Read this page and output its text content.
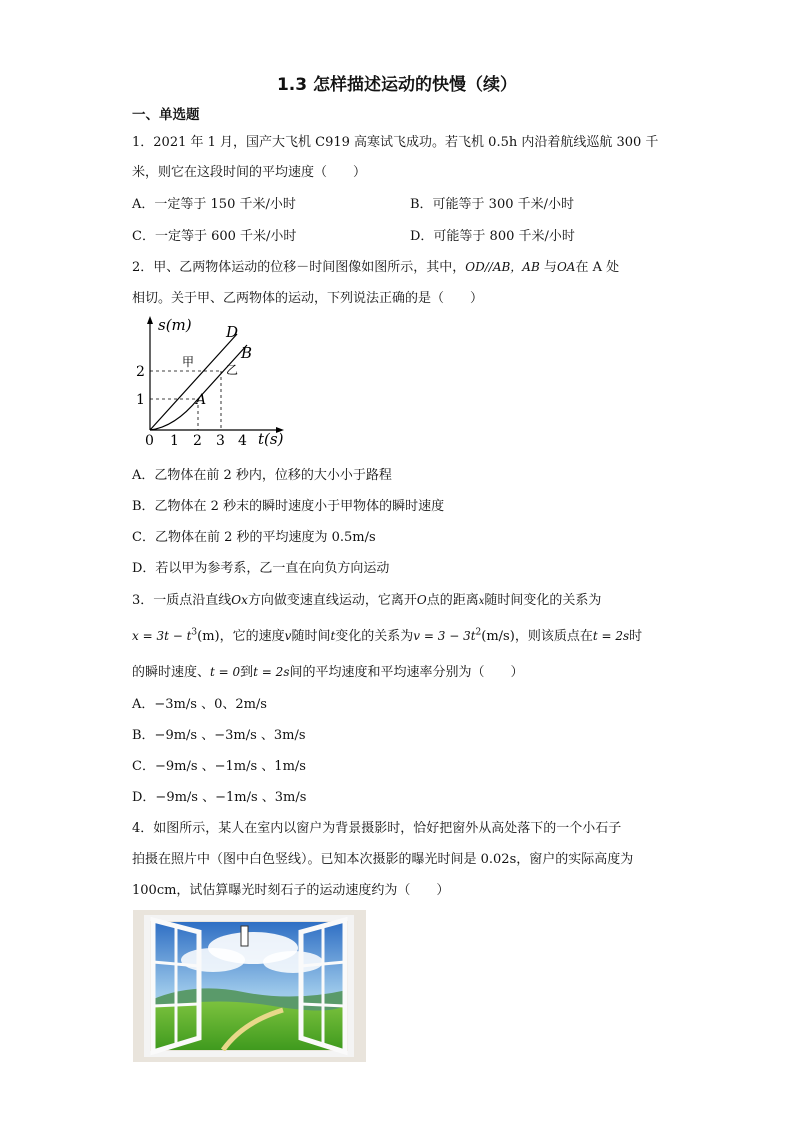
1.3 怎样描述运动的快慢（续）
一、单选题
1．2021 年 1 月，国产大飞机 C919 高寒试飞成功。若飞机 0.5h 内沿着航线巡航 300 千
米，则它在这段时间的平均速度（　　）
A．一定等于 150 千米/小时	B．可能等于 300 千米/小时
C．一定等于 600 千米/小时	D．可能等于 800 千米/小时
2．甲、乙两物体运动的位移－时间图像如图所示，其中，OD//AB，AB 与OA在 A 处
相切。关于甲、乙两物体的运动，下列说法正确的是（　　）
s(m)
t(s)
1
2
0 1 2 3 4
D
B
A
甲
乙
A．乙物体在前 2 秒内，位移的大小小于路程
B．乙物体在 2 秒末的瞬时速度小于甲物体的瞬时速度
C．乙物体在前 2 秒的平均速度为 0.5m/s
D．若以甲为参考系，乙一直在向负方向运动
3．一质点沿直线Ox方向做变速直线运动，它离开O点的距离x随时间变化的关系为
$x = 3t - t^3(m)$，它的速度v随时间t变化的关系为$v = 3 - 3t^2(m/s)$，则该质点在t = 2s时
的瞬时速度、t = 0到t = 2s间的平均速度和平均速率分别为（　　）
A．−3m/s 、0、2m/s
B．−9m/s 、−3m/s 、3m/s
C．−9m/s 、−1m/s 、1m/s
D．−9m/s 、−1m/s 、3m/s
4．如图所示，某人在室内以窗户为背景摄影时，恰好把窗外从高处落下的一个小石子
拍摄在照片中（图中白色竖线）。已知本次摄影的曝光时间是 0.02s，窗户的实际高度为
100cm，试估算曝光时刻石子的运动速度约为（　　）
